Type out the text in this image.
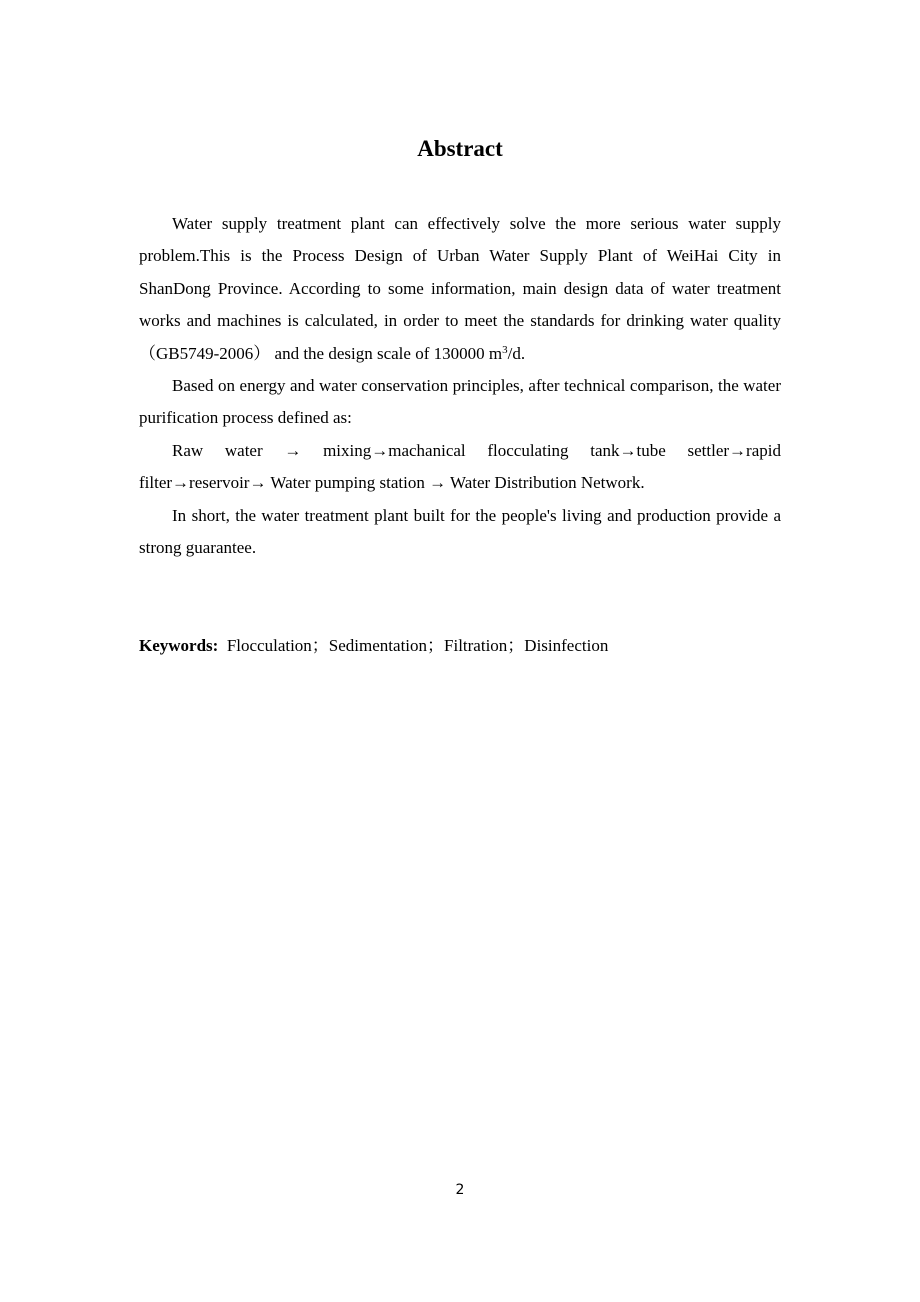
Abstract

Water supply treatment plant can effectively solve the more serious water supply problem.This is the Process Design of Urban Water Supply Plant of WeiHai City in ShanDong Province. According to some information, main design data of water treatment works and machines is calculated, in order to meet the standards for drinking water quality （GB5749-2006） and the design scale of 130000 $m^3/d$.

Based on energy and water conservation principles, after technical comparison, the water purification process defined as:

Raw water → mixing→machanical flocculating tank→tube settler→rapid filter→reservoir→ Water pumping station → Water Distribution Network.

In short, the water treatment plant built for the people's living and production provide a strong guarantee.

Keywords: Flocculation；Sedimentation；Filtration；Disinfection
2
